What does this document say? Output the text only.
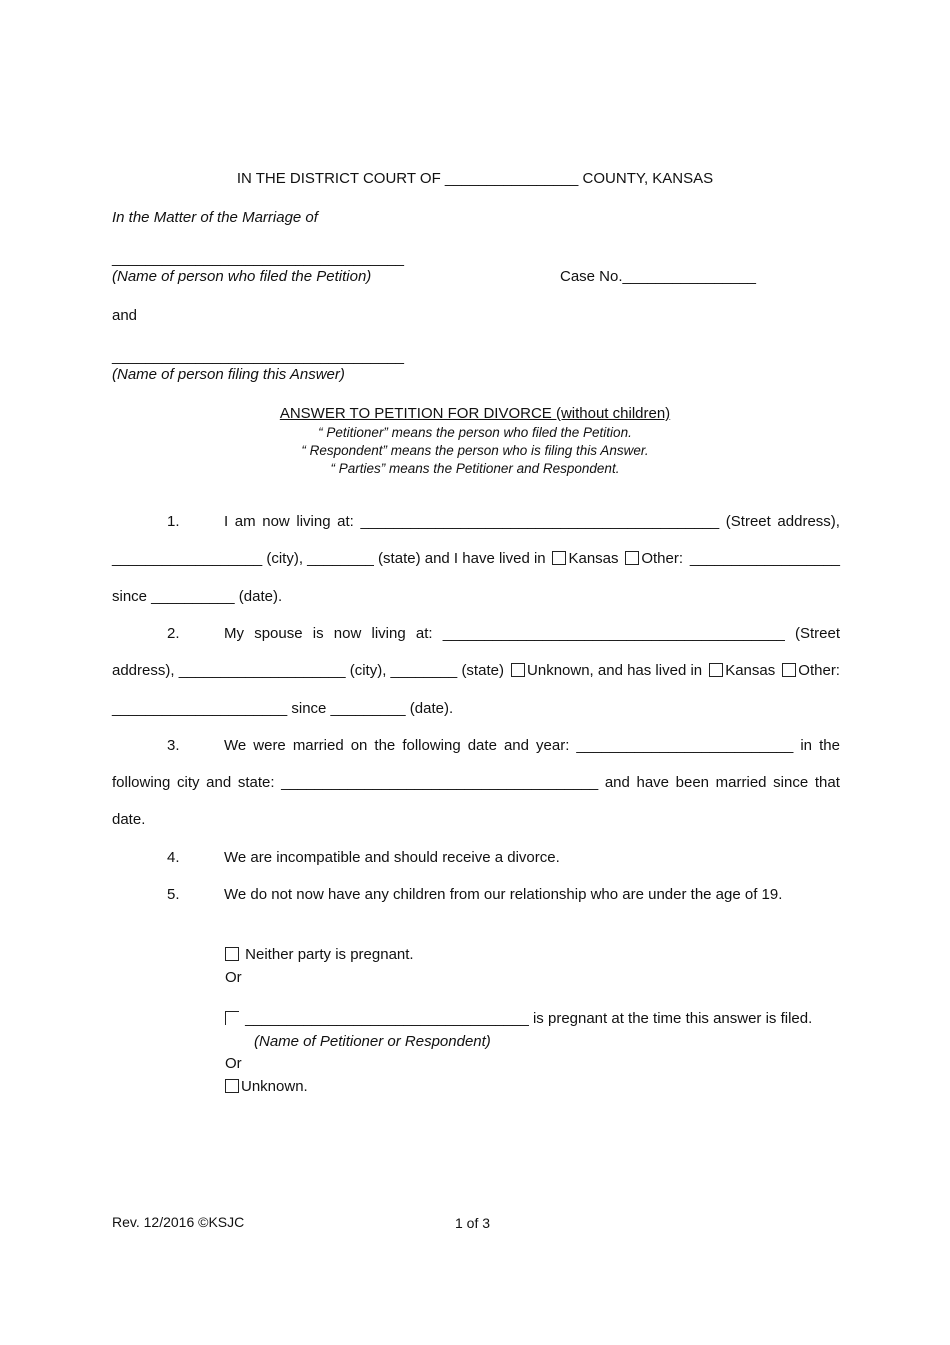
IN THE DISTRICT COURT OF ________________ COUNTY, KANSAS
In the Matter of the Marriage of
___________________________________
(Name of person who filed the Petition)	Case No.________________
and
___________________________________
(Name of person filing this Answer)
ANSWER TO PETITION FOR DIVORCE (without children)
“ Petitioner” means the person who filed the Petition.
“ Respondent” means the person who is filing this Answer.
“ Parties” means the Petitioner and Respondent.
1.	I am now living at: ___________________________________________ (Street address),
__________________ (city), ________ (state) and I have lived in	Kansas	Other: __________________
since __________ (date).
2.	My spouse is now living at: _________________________________________ (Street
address), ____________________ (city), ________ (state)	Unknown, and has lived in	Kansas	Other:
_____________________ since _________ (date).
3.	We were married on the following date and year: __________________________ in the
following city and state: ______________________________________ and have been married since that
date.
4.	We are incompatible and should receive a divorce.
5.	We do not now have any children from our relationship who are under the age of 19.
Neither party is pregnant.
Or
__________________________________ is pregnant at the time this answer is filed.
(Name of Petitioner or Respondent)
Or
Unknown.
Rev. 12/2016 ©KSJC	1 of 3
